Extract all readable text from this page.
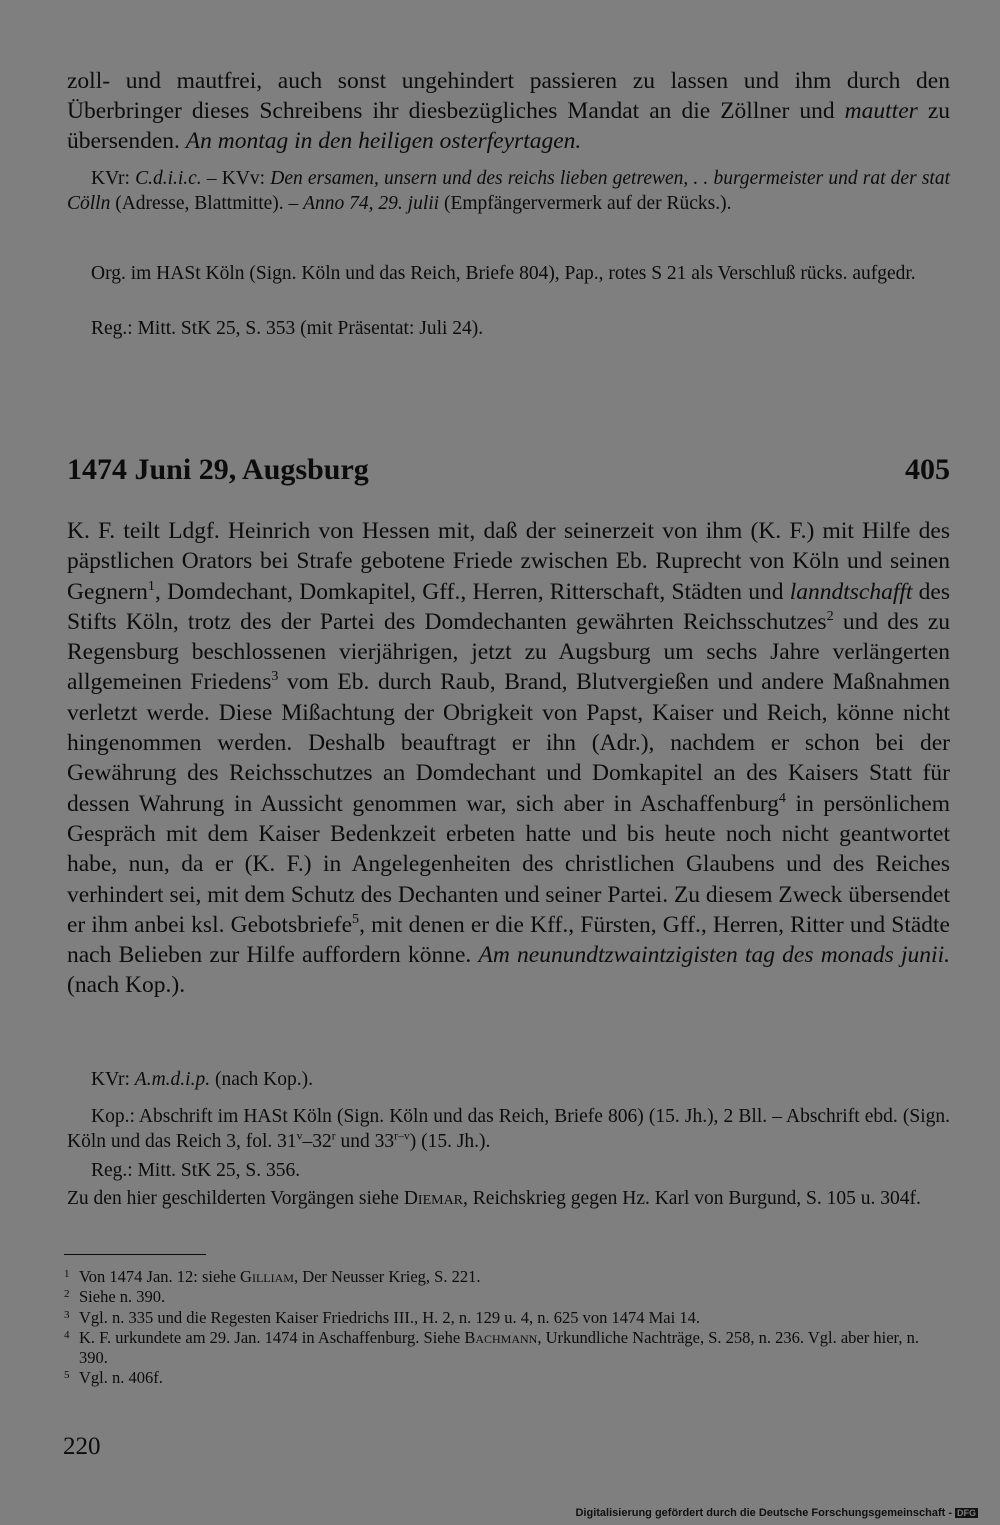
zoll- und mautfrei, auch sonst ungehindert passieren zu lassen und ihm durch den Überbringer dieses Schreibens ihr diesbezügliches Mandat an die Zöllner und mautter zu übersenden. An montag in den heiligen osterfeyrtagen.

KVr: C.d.i.i.c. – KVv: Den ersamen, unsern und des reichs lieben getrewen, . . burgermeister und rat der stat Cölln (Adresse, Blattmitte). – Anno 74, 29. julii (Empfängervermerk auf der Rücks.).

Org. im HASt Köln (Sign. Köln und das Reich, Briefe 804), Pap., rotes S 21 als Verschluß rücks. aufgedr.

Reg.: Mitt. StK 25, S. 353 (mit Präsentat: Juli 24).

1474 Juni 29, Augsburg	405

K. F. teilt Ldgf. Heinrich von Hessen mit, daß der seinerzeit von ihm (K. F.) mit Hilfe des päpstlichen Orators bei Strafe gebotene Friede zwischen Eb. Ruprecht von Köln und seinen Gegnern$^1$, Domdechant, Domkapitel, Gff., Herren, Ritterschaft, Städten und lanndtschafft des Stifts Köln, trotz des der Partei des Domdechanten gewährten Reichsschutzes$^2$ und des zu Regensburg beschlossenen vierjährigen, jetzt zu Augsburg um sechs Jahre verlängerten allgemeinen Friedens$^3$ vom Eb. durch Raub, Brand, Blutvergießen und andere Maßnahmen verletzt werde. Diese Mißachtung der Obrigkeit von Papst, Kaiser und Reich, könne nicht hingenommen werden. Deshalb beauftragt er ihn (Adr.), nachdem er schon bei der Gewährung des Reichsschutzes an Domdechant und Domkapitel an des Kaisers Statt für dessen Wahrung in Aussicht genommen war, sich aber in Aschaffenburg$^4$ in persönlichem Gespräch mit dem Kaiser Bedenkzeit erbeten hatte und bis heute noch nicht geantwortet habe, nun, da er (K. F.) in Angelegenheiten des christlichen Glaubens und des Reiches verhindert sei, mit dem Schutz des Dechanten und seiner Partei. Zu diesem Zweck übersendet er ihm anbei ksl. Gebotsbriefe$^5$, mit denen er die Kff., Fürsten, Gff., Herren, Ritter und Städte nach Belieben zur Hilfe auffordern könne. Am neunundtzwaintzigisten tag des monads junii. (nach Kop.).

KVr: A.m.d.i.p. (nach Kop.).

Kop.: Abschrift im HASt Köln (Sign. Köln und das Reich, Briefe 806) (15. Jh.), 2 Bll. – Abschrift ebd. (Sign. Köln und das Reich 3, fol. 31$^v$–32$^r$ und 33$^{r-v}$) (15. Jh.).

Reg.: Mitt. StK 25, S. 356.

Zu den hier geschilderten Vorgängen siehe Diemar, Reichskrieg gegen Hz. Karl von Burgund, S. 105 u. 304f.

1 Von 1474 Jan. 12: siehe Gilliam, Der Neusser Krieg, S. 221.
2 Siehe n. 390.
3 Vgl. n. 335 und die Regesten Kaiser Friedrichs III., H. 2, n. 129 u. 4, n. 625 von 1474 Mai 14.
4 K. F. urkundete am 29. Jan. 1474 in Aschaffenburg. Siehe Bachmann, Urkundliche Nachträge, S. 258, n. 236. Vgl. aber hier, n. 390.
5 Vgl. n. 406f.
220
Digitalisierung gefördert durch die Deutsche Forschungsgemeinschaft - DFG
